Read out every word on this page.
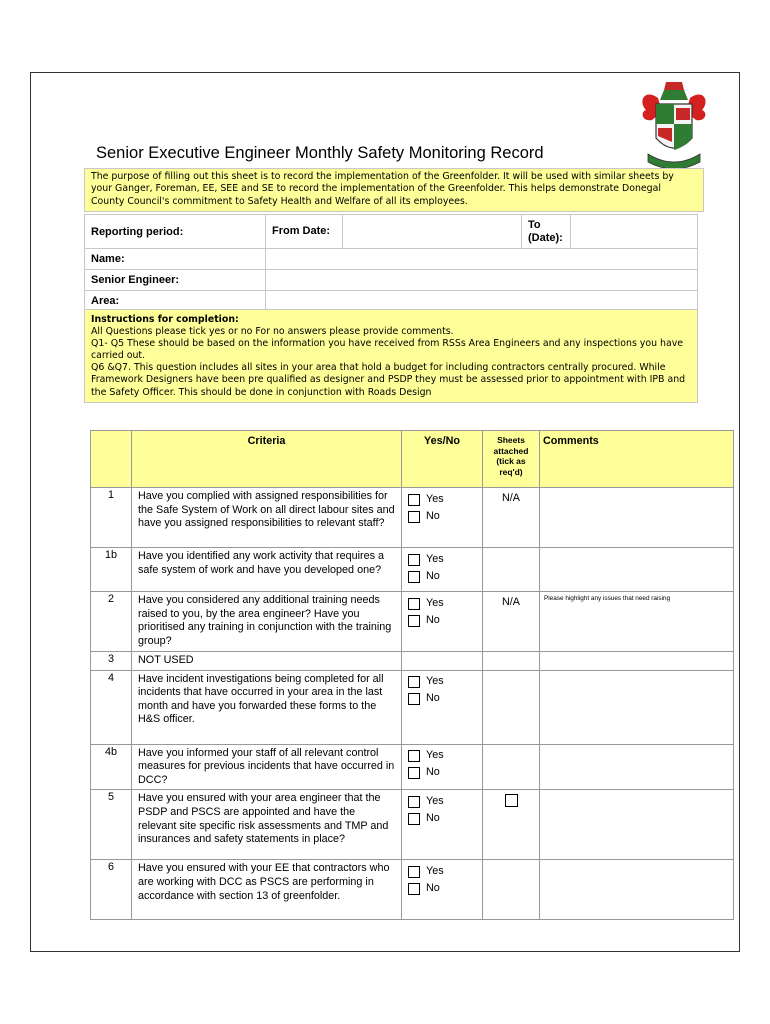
Senior Executive Engineer Monthly Safety Monitoring Record
The purpose of filling out this sheet is to record the implementation of the Greenfolder. It will be used with similar sheets by your Ganger, Foreman, EE, SEE and SE to record the implementation of the Greenfolder. This helps demonstrate Donegal County Council's commitment to Safety Health and Welfare of all its employees.
Reporting period:	From Date:		To (Date):	
Name:				
Senior Engineer:				
Area:				
Instructions for completion:
All Questions please tick yes or no For no answers please provide comments.
Q1- Q5 These should be based on the information you have received from RSSs Area Engineers and any inspections you have carried out.
Q6 &Q7. This question includes all sites in your area that hold a budget for including contractors centrally procured. While Framework Designers have been pre qualified as designer and PSDP they must be assessed prior to appointment with IPB and the Safety Officer. This should be done in conjunction with Roads Design
	Criteria	Yes/No	Sheets attached (tick as req'd)	Comments
1	Have you complied with assigned responsibilities for the Safe System of Work on all direct labour sites and have you assigned responsibilities to relevant staff?	Yes
No	N/A	

1b	Have you identified any work activity that requires a safe system of work and have you developed one?	Yes
No		

2	Have you considered any additional training needs raised to you, by the area engineer? Have you prioritised any training in conjunction with the training group?	Yes
No	N/A	Please highlight any issues that need raising

3	NOT USED			

4	Have incident investigations being completed for all incidents that have occurred in your area in the last month and have you forwarded these forms to the H&S officer.	Yes
No		

4b	Have you informed your staff of all relevant control measures for previous incidents that have occurred in DCC?	Yes
No		

5	Have you ensured with your area engineer that the PSDP and PSCS are appointed and have the relevant site specific risk assessments and TMP and insurances and safety statements in place?	Yes
No		

6	Have you ensured with your EE that contractors who are working with DCC as PSCS are performing in accordance with section 13 of greenfolder.	Yes
No		
